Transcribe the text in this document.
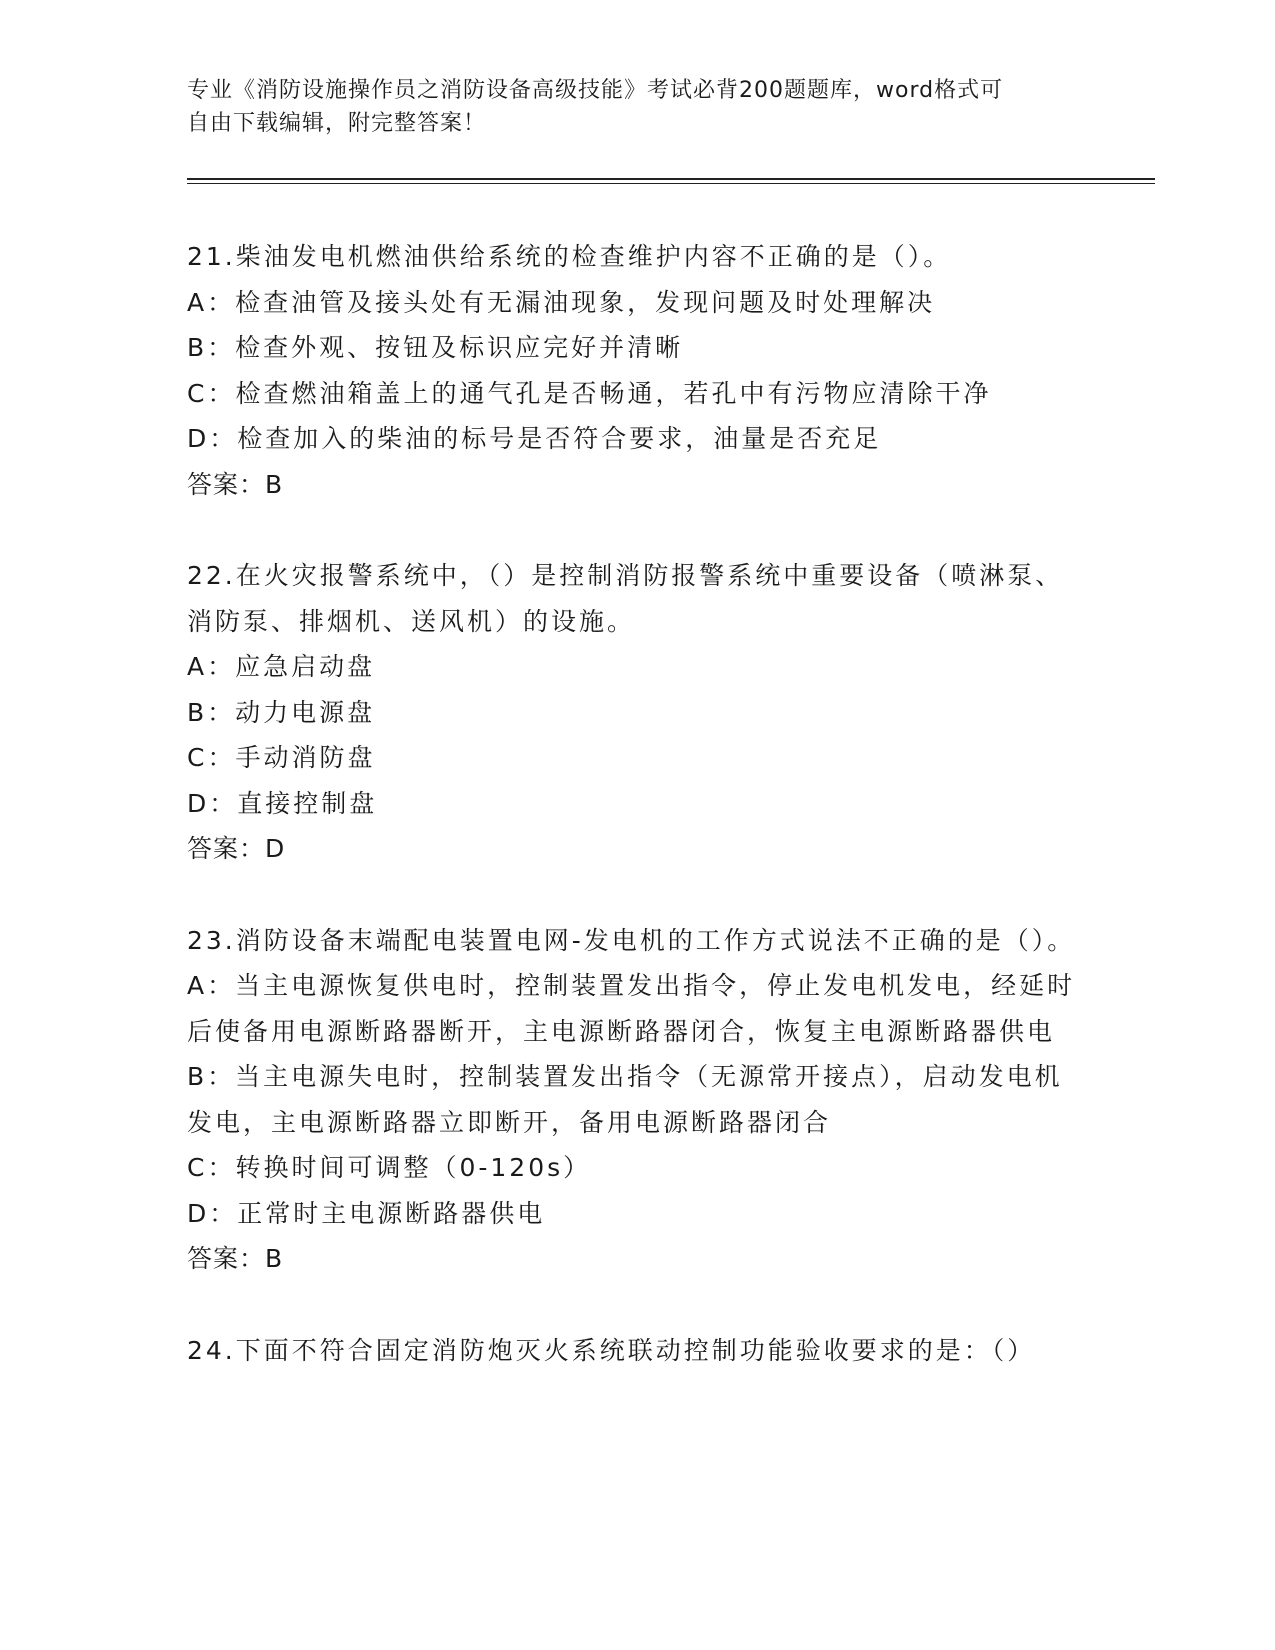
专业《消防设施操作员之消防设备高级技能》考试必背200题题库，word格式可
自由下载编辑，附完整答案！
21.柴油发电机燃油供给系统的检查维护内容不正确的是（）。
A：检查油管及接头处有无漏油现象，发现问题及时处理解决
B：检查外观、按钮及标识应完好并清晰
C：检查燃油箱盖上的通气孔是否畅通，若孔中有污物应清除干净
D：检查加入的柴油的标号是否符合要求，油量是否充足
答案：B
22.在火灾报警系统中，（）是控制消防报警系统中重要设备（喷淋泵、消防泵、排烟机、送风机）的设施。
A：应急启动盘
B：动力电源盘
C：手动消防盘
D：直接控制盘
答案：D
23.消防设备末端配电装置电网-发电机的工作方式说法不正确的是（）。
A：当主电源恢复供电时，控制装置发出指令，停止发电机发电，经延时后使备用电源断路器断开，主电源断路器闭合，恢复主电源断路器供电
B：当主电源失电时，控制装置发出指令（无源常开接点），启动发电机发电，主电源断路器立即断开，备用电源断路器闭合
C：转换时间可调整（0-120s）
D：正常时主电源断路器供电
答案：B
24.下面不符合固定消防炮灭火系统联动控制功能验收要求的是：（）
